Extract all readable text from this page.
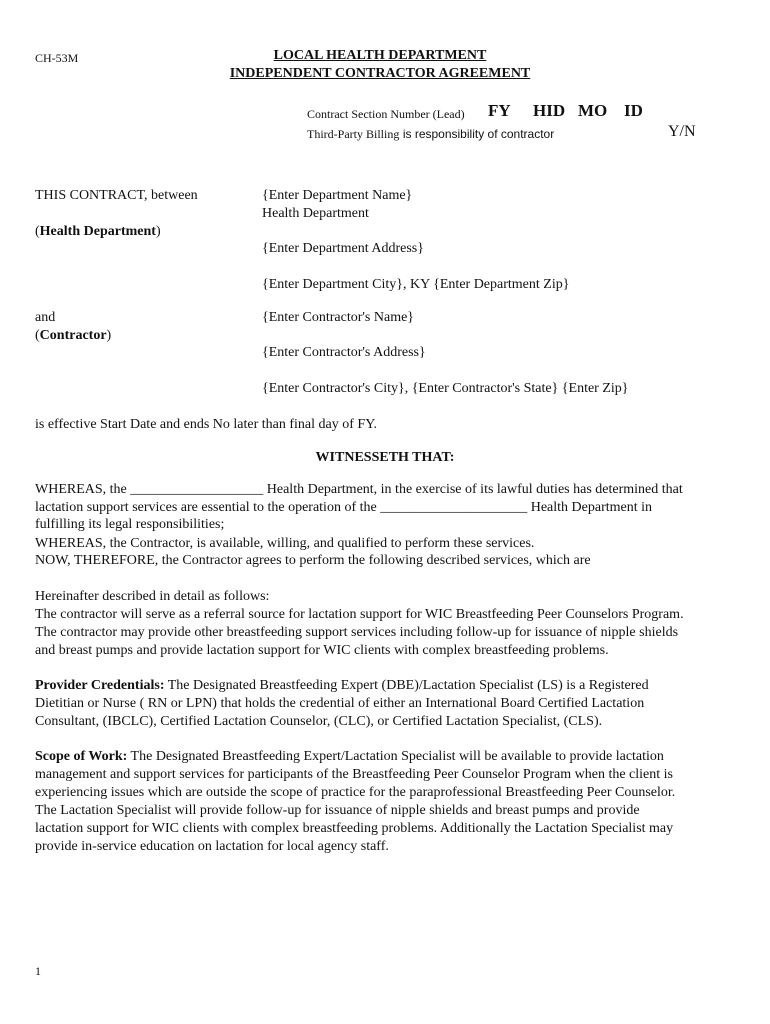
CH-53M	LOCAL HEALTH DEPARTMENT
INDEPENDENT CONTRACTOR AGREEMENT
Contract Section Number (Lead) FY HID MO ID
Third-Party Billing is responsibility of contractor	Y/N
THIS CONTRACT, between
(Health Department)
{Enter Department Name}
Health Department
{Enter Department Address}
{Enter Department City}, KY {Enter Department Zip}
and
(Contractor)
{Enter Contractor's Name}
{Enter Contractor's Address}
{Enter Contractor's City}, {Enter Contractor's State} {Enter Zip}
is effective Start Date and ends No later than final day of FY.
WITNESSETH THAT:
WHEREAS, the ___________________ Health Department, in the exercise of its lawful duties has determined that
lactation support services are essential to the operation of the _____________________ Health Department in
fulfilling its legal responsibilities;
WHEREAS, the Contractor, is available, willing, and qualified to perform these services.
NOW, THEREFORE, the Contractor agrees to perform the following described services, which are
Hereinafter described in detail as follows:
The contractor will serve as a referral source for lactation support for WIC Breastfeeding Peer Counselors Program.
The contractor may provide other breastfeeding support services including follow-up for issuance of nipple shields
and breast pumps and provide lactation support for WIC clients with complex breastfeeding problems.
Provider Credentials: The Designated Breastfeeding Expert (DBE)/Lactation Specialist (LS) is a Registered
Dietitian or Nurse ( RN or LPN) that holds the credential of either an International Board Certified Lactation
Consultant, (IBCLC), Certified Lactation Counselor, (CLC), or Certified Lactation Specialist, (CLS).
Scope of Work: The Designated Breastfeeding Expert/Lactation Specialist will be available to provide lactation
management and support services for participants of the Breastfeeding Peer Counselor Program when the client is
experiencing issues which are outside the scope of practice for the paraprofessional Breastfeeding Peer Counselor.
The Lactation Specialist will provide follow-up for issuance of nipple shields and breast pumps and provide
lactation support for WIC clients with complex breastfeeding problems. Additionally the Lactation Specialist may
provide in-service education on lactation for local agency staff.
1
